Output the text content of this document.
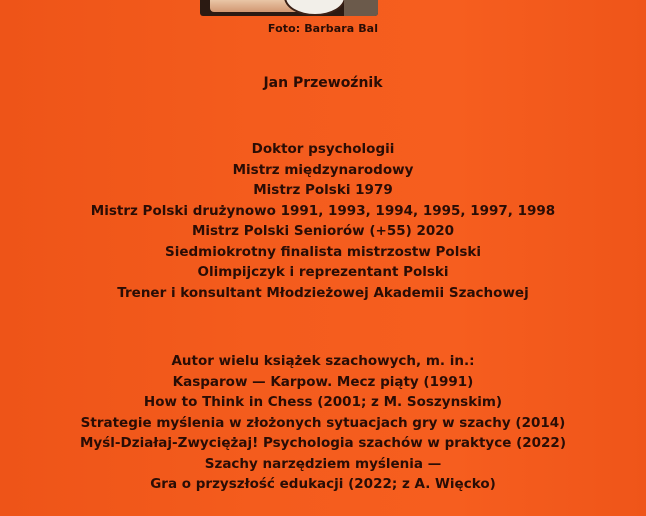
Foto: Barbara Bal
Jan Przewoźnik
Doktor psychologii
Mistrz międzynarodowy
Mistrz Polski 1979
Mistrz Polski drużynowo 1991, 1993, 1994, 1995, 1997, 1998
Mistrz Polski Seniorów (+55) 2020
Siedmiokrotny finalista mistrzostw Polski
Olimpijczyk i reprezentant Polski
Trener i konsultant Młodzieżowej Akademii Szachowej
Autor wielu książek szachowych, m. in.:
Kasparow — Karpow. Mecz piąty (1991)
How to Think in Chess (2001; z M. Soszynskim)
Strategie myślenia w złożonych sytuacjach gry w szachy (2014)
Myśl-Działaj-Zwyciężaj! Psychologia szachów w praktyce (2022)
Szachy narzędziem myślenia —
Gra o przyszłość edukacji (2022; z A. Więcko)
